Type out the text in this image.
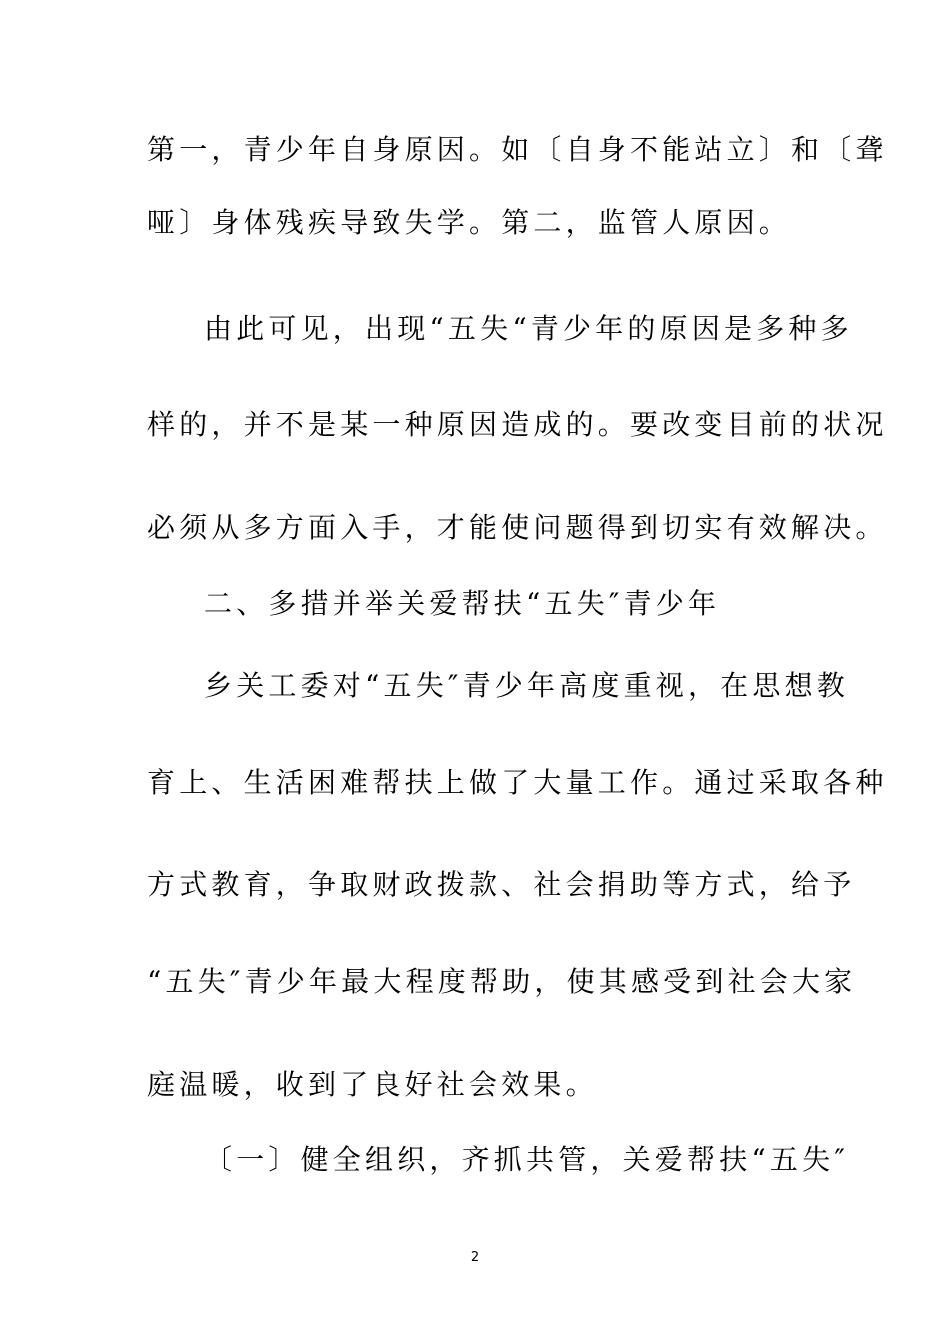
第一，青少年自身原因。如〔自身不能站立〕和〔聋
哑〕身体残疾导致失学。第二，监管人原因。
由此可见，出现“五失“青少年的原因是多种多
样的，并不是某一种原因造成的。要改变目前的状况
必须从多方面入手，才能使问题得到切实有效解决。
二、多措并举关爱帮扶“五失″青少年
乡关工委对“五失″青少年高度重视，在思想教
育上、生活困难帮扶上做了大量工作。通过采取各种
方式教育，争取财政拨款、社会捐助等方式，给予
“五失″青少年最大程度帮助，使其感受到社会大家
庭温暖，收到了良好社会效果。
〔一〕健全组织，齐抓共管，关爱帮扶“五失″
2
